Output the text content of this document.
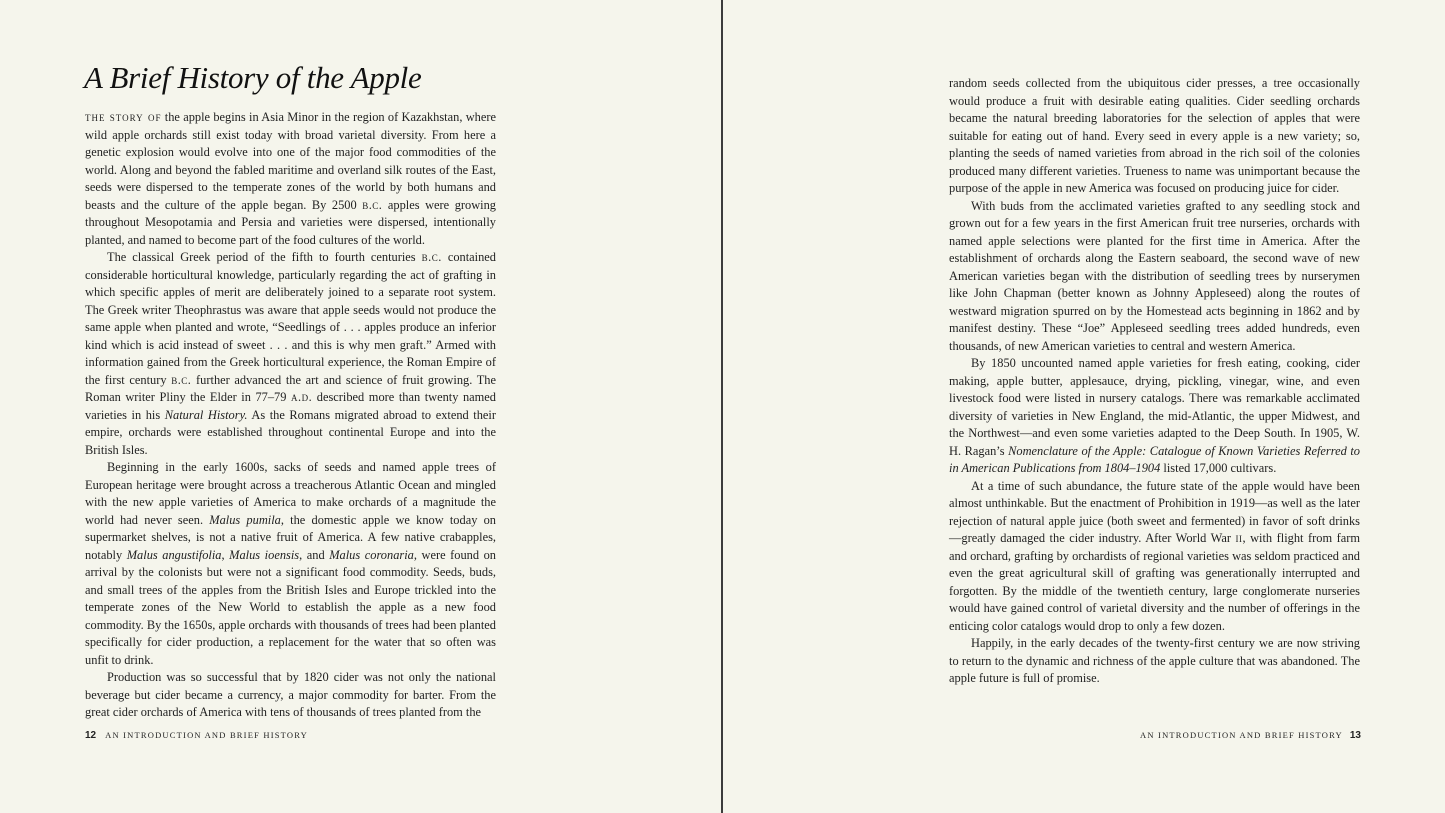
A Brief History of the Apple

the story of the apple begins in Asia Minor in the region of Kazakhstan, where wild apple orchards still exist today with broad varietal diversity. From here a genetic explosion would evolve into one of the major food commodities of the world. Along and beyond the fabled maritime and overland silk routes of the East, seeds were dispersed to the temperate zones of the world by both humans and beasts and the culture of the apple began. By 2500 b.c. apples were growing throughout Mesopotamia and Persia and varieties were dispersed, intentionally planted, and named to become part of the food cultures of the world.

The classical Greek period of the fifth to fourth centuries b.c. contained considerable horticultural knowledge, particularly regarding the act of grafting in which specific apples of merit are deliberately joined to a separate root system. The Greek writer Theophrastus was aware that apple seeds would not produce the same apple when planted and wrote, “Seedlings of . . . apples produce an inferior kind which is acid instead of sweet . . . and this is why men graft.” Armed with information gained from the Greek horticultural experience, the Roman Empire of the first century b.c. further advanced the art and science of fruit growing. The Roman writer Pliny the Elder in 77–79 a.d. described more than twenty named varieties in his Natural History. As the Romans migrated abroad to extend their empire, orchards were established throughout continental Europe and into the British Isles.

Beginning in the early 1600s, sacks of seeds and named apple trees of European heritage were brought across a treacherous Atlantic Ocean and mingled with the new apple varieties of America to make orchards of a magnitude the world had never seen. Malus pumila, the domestic apple we know today on supermarket shelves, is not a native fruit of America. A few native crabapples, notably Malus angustifolia, Malus ioensis, and Malus coronaria, were found on arrival by the colonists but were not a significant food commodity. Seeds, buds, and small trees of the apples from the British Isles and Europe trickled into the temperate zones of the New World to establish the apple as a new food commodity. By the 1650s, apple orchards with thousands of trees had been planted specifically for cider production, a replacement for the water that so often was unfit to drink.

Production was so successful that by 1820 cider was not only the national beverage but cider became a currency, a major commodity for barter. From the great cider orchards of America with tens of thousands of trees planted from the

12 AN INTRODUCTION AND BRIEF HISTORY

random seeds collected from the ubiquitous cider presses, a tree occasionally would produce a fruit with desirable eating qualities. Cider seedling orchards became the natural breeding laboratories for the selection of apples that were suitable for eating out of hand. Every seed in every apple is a new variety; so, planting the seeds of named varieties from abroad in the rich soil of the colonies produced many different varieties. Trueness to name was unimportant because the purpose of the apple in new America was focused on producing juice for cider.

With buds from the acclimated varieties grafted to any seedling stock and grown out for a few years in the first American fruit tree nurseries, orchards with named apple selections were planted for the first time in America. After the establishment of orchards along the Eastern seaboard, the second wave of new American varieties began with the distribution of seedling trees by nurserymen like John Chapman (better known as Johnny Appleseed) along the routes of westward migration spurred on by the Homestead acts beginning in 1862 and by manifest destiny. These “Joe” Appleseed seedling trees added hundreds, even thousands, of new American varieties to central and western America.

By 1850 uncounted named apple varieties for fresh eating, cooking, cider making, apple butter, applesauce, drying, pickling, vinegar, wine, and even livestock food were listed in nursery catalogs. There was remarkable acclimated diversity of varieties in New England, the mid-Atlantic, the upper Midwest, and the Northwest—and even some varieties adapted to the Deep South. In 1905, W. H. Ragan’s Nomenclature of the Apple: Catalogue of Known Varieties Referred to in American Publications from 1804–1904 listed 17,000 cultivars.

At a time of such abundance, the future state of the apple would have been almost unthinkable. But the enactment of Prohibition in 1919—as well as the later rejection of natural apple juice (both sweet and fermented) in favor of soft drinks—greatly damaged the cider industry. After World War ii, with flight from farm and orchard, grafting by orchardists of regional varieties was seldom practiced and even the great agricultural skill of grafting was generationally interrupted and forgotten. By the middle of the twentieth century, large conglomerate nurseries would have gained control of varietal diversity and the number of offerings in the enticing color catalogs would drop to only a few dozen.

Happily, in the early decades of the twenty-first century we are now striving to return to the dynamic and richness of the apple culture that was abandoned. The apple future is full of promise.

AN INTRODUCTION AND BRIEF HISTORY 13
